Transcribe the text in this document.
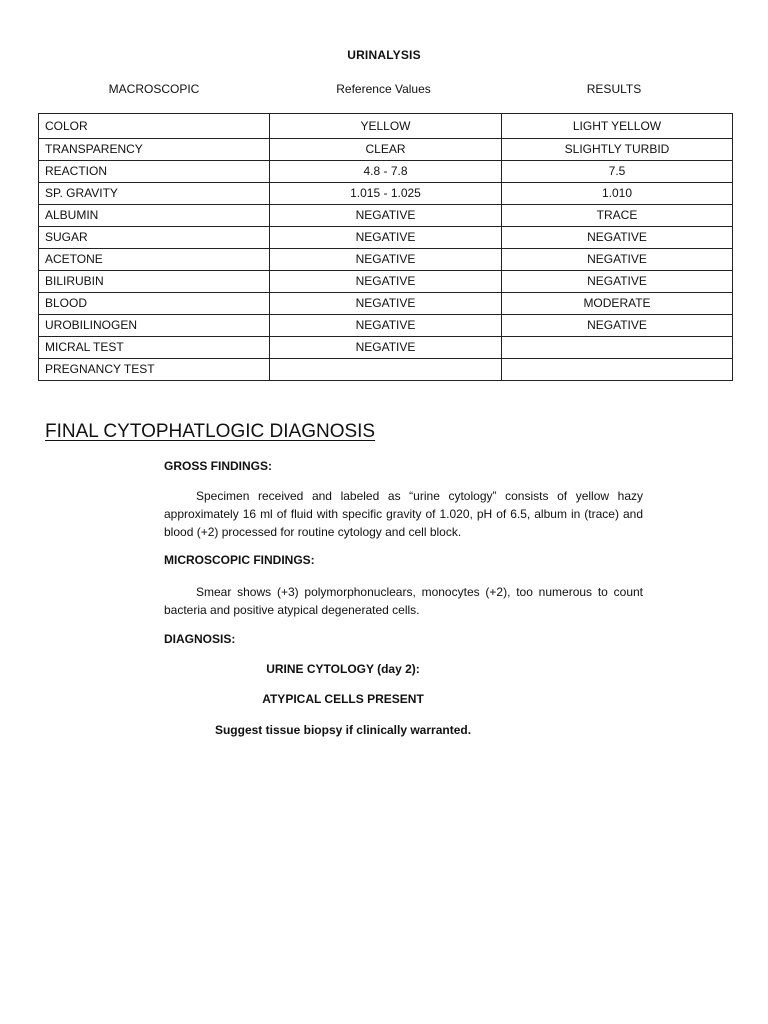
URINALYSIS
MACROSCOPIC	Reference Values	RESULTS
COLOR	YELLOW	LIGHT YELLOW
TRANSPARENCY	CLEAR	SLIGHTLY TURBID
REACTION	4.8 - 7.8	7.5
SP. GRAVITY	1.015 - 1.025	1.010
ALBUMIN	NEGATIVE	TRACE
SUGAR	NEGATIVE	NEGATIVE
ACETONE	NEGATIVE	NEGATIVE
BILIRUBIN	NEGATIVE	NEGATIVE
BLOOD	NEGATIVE	MODERATE
UROBILINOGEN	NEGATIVE	NEGATIVE
MICRAL TEST	NEGATIVE	
PREGNANCY TEST		
FINAL CYTOPHATLOGIC DIAGNOSIS
GROSS FINDINGS:
Specimen received and labeled as “urine cytology” consists of yellow hazy approximately 16 ml of fluid with specific gravity of 1.020, pH of 6.5, album in (trace) and blood (+2) processed for routine cytology and cell block.
MICROSCOPIC FINDINGS:
Smear shows (+3) polymorphonuclears, monocytes (+2), too numerous to count bacteria and positive atypical degenerated cells.
DIAGNOSIS:
URINE CYTOLOGY (day 2):
ATYPICAL CELLS PRESENT
Suggest tissue biopsy if clinically warranted.
